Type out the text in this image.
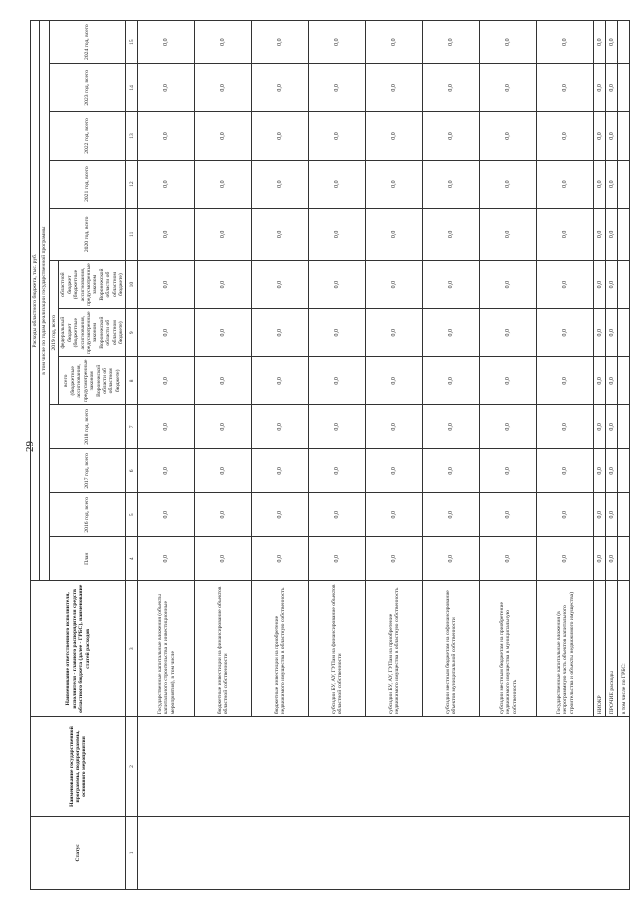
29
Статус	Наименование государственной программы, подпрограммы, основного мероприятия	Наименование ответственного исполнителя, исполнителя - главного распорядителя средств областного бюджета (далее - ГРБС), наименование статей расходов	Расходы областного бюджета, тыс. руб.											
			в том числе по годам реализации государственной программы											
			План	2016 год, всего	2017 год, всего	2018 год, всего	2019 год, всего			2020 год, всего	2021 год, всего	2022 год, всего	2023 год, всего	2024 год, всего
							всего (бюджетные ассигнования, предусмотренные законом Воронежской области об областном бюджете)	федеральный бюджет (бюджетные ассигнования, предусмотренные законом Воронежской области об областном бюджете)	областной бюджет (бюджетные ассигнования, предусмотренные законом Воронежской области об областном бюджете)					
1	2	3	4	5	6	7	8	9	10	11	12	13	14	15
		Государственные капитальные вложения (объекты капитального строительства и инвестиционные мероприятия), в том числе	0,0	0,0	0,0	0,0	0,0	0,0	0,0	0,0	0,0	0,0	0,0	0,0
		бюджетные инвестиции на финансирование объектов областной собственности	0,0	0,0	0,0	0,0	0,0	0,0	0,0	0,0	0,0	0,0	0,0	0,0
		бюджетные инвестиции на приобретение недвижимого имущества в областную собственность	0,0	0,0	0,0	0,0	0,0	0,0	0,0	0,0	0,0	0,0	0,0	0,0
		субсидии БУ, АУ, ГУПам на финансирование объектов областной собственности	0,0	0,0	0,0	0,0	0,0	0,0	0,0	0,0	0,0	0,0	0,0	0,0
		субсидии БУ, АУ, ГУПам на приобретение недвижимого имущества в областную собственность	0,0	0,0	0,0	0,0	0,0	0,0	0,0	0,0	0,0	0,0	0,0	0,0
		субсидии местным бюджетам на софинансирование объектов муниципальной собственности	0,0	0,0	0,0	0,0	0,0	0,0	0,0	0,0	0,0	0,0	0,0	0,0
		субсидии местным бюджетам на приобретение недвижимого имущества в муниципальную собственность	0,0	0,0	0,0	0,0	0,0	0,0	0,0	0,0	0,0	0,0	0,0	0,0
		Государственные капитальные вложения (в непрограммную часть объектов капитального строительства и объекты недвижимого имущества)	0,0	0,0	0,0	0,0	0,0	0,0	0,0	0,0	0,0	0,0	0,0	0,0
		НИОКР	0,0	0,0	0,0	0,0	0,0	0,0	0,0	0,0	0,0	0,0	0,0	0,0
		ПРОЧИЕ расходы	0,0	0,0	0,0	0,0	0,0	0,0	0,0	0,0	0,0	0,0	0,0	0,0
		в том числе по ГРБС:												
